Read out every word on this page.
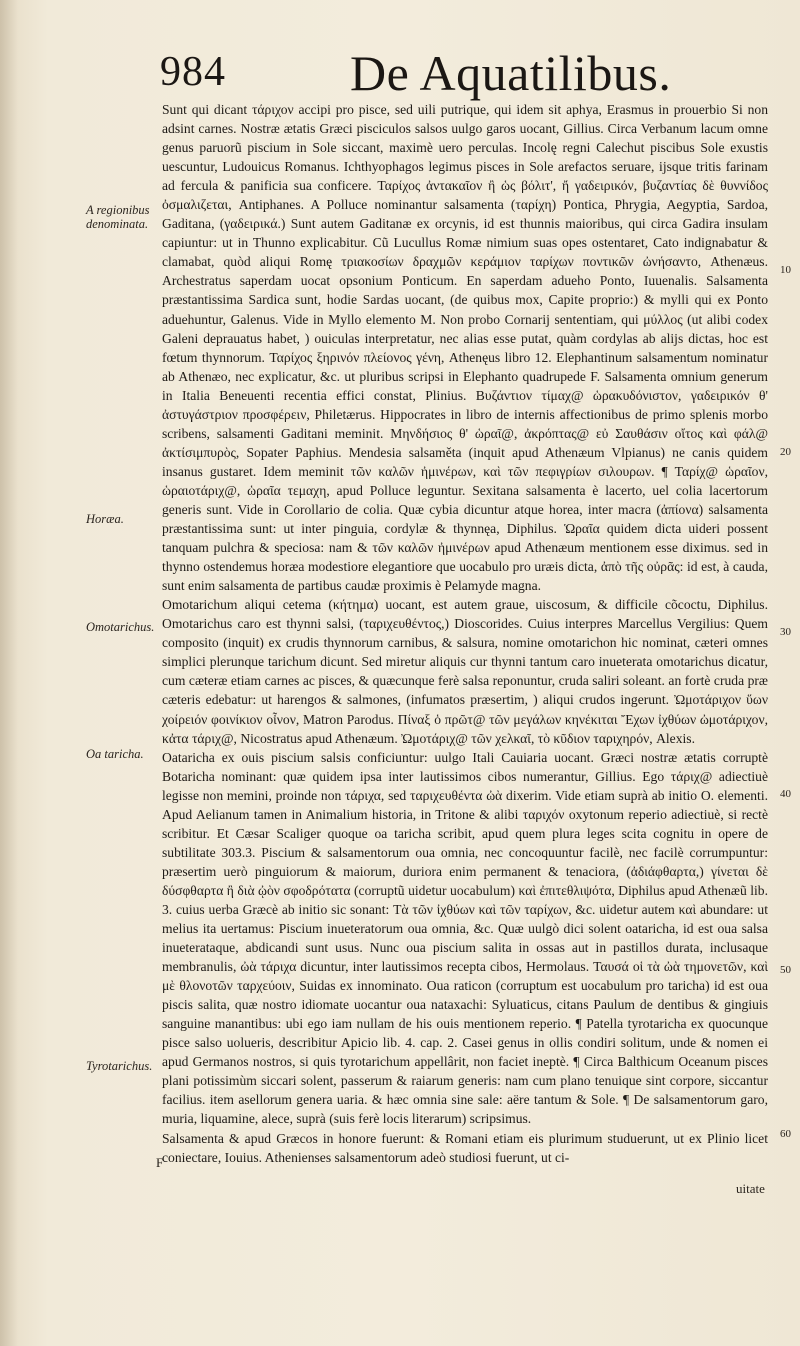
984 De Aquatilibus.
A regionibus denominata.
Horæa.
Omotarichus.
Oa taricha.
Tyrotarichus.
10
20
30
40
50
60

Sunt qui dicant τάριχον accipi pro pisce, sed uili putrique, qui idem sit aphya, Erasmus in prouerbio Si non adsint carnes. Nostræ ætatis Græci pisciculos salsos uulgo garos uocant, Gillius. Circa Verbanum lacum omne genus paruorũ piscium in Sole siccant, maximè uero perculas. Incolę regni Calechut piscibus Sole exustis uescuntur, Ludouicus Romanus. Ichthyophagos legimus pisces in Sole arefactos seruare, ijsque tritis farinam ad fercula & panificia sua conficere. Ταρίχος ἀντακαῖον ἢ ὡς βόλιτ', ἤ γαδειρικόν, βυζαντίας δὲ θυννίδος ὀσμαλιζεται, Antiphanes. A Polluce nominantur salsamenta (ταρίχη) Pontica, Phrygia, Aegyptia, Sardoa, Gaditana, (γαδειρικά.) Sunt autem Gaditanæ ex orcynis, id est thunnis maioribus, qui circa Gadira insulam capiuntur: ut in Thunno explicabitur. Cũ Lucullus Romæ nimium suas opes ostentaret, Cato indignabatur & clamabat, quòd aliqui Romę τριακοσίων δραχμῶν κεράμιον ταρίχων ποντικῶν ὠνήσαντο, Athenæus. Archestratus saperdam uocat opsonium Ponticum. En saperdam adueho Ponto, Iuuenalis. Salsamenta præstantissima Sardica sunt, hodie Sardas uocant, (de quibus mox, Capite proprio:) & mylli qui ex Ponto aduehuntur, Galenus. Vide in Myllo elemento M. Non probo Cornarij sententiam, qui μύλλος (ut alibi codex Galeni deprauatus habet, ) ouiculas interpretatur, nec alias esse putat, quàm cordylas ab alijs dictas, hoc est fœtum thynnorum. Ταρίχος ξηρινόν πλείονος γένη, Athenęus libro 12. Elephantinum salsamentum nominatur ab Athenæo, nec explicatur, &c. ut pluribus scripsi in Elephanto quadrupede F. Salsamenta omnium generum in Italia Beneuenti recentia effici constat, Plinius. Βυζάντιον τίμαχ@ ὡρακυδόνιστον, γαδειρικόν θ' ἀστυγάστριον προσφέρειν, Philetærus. Hippocrates in libro de internis affectionibus de primo splenis morbo scribens, salsamenti Gaditani meminit. Μηνδήσιος θ' ὡραῖ@, ἀκρόπτας@ εὐ Σαυθάσιν οἴτος καὶ φάλ@ ἀκτίσιμπυρὸς, Sopater Paphius. Mendesia salsaměta (inquit apud Athenæum Vlpianus) ne canis quidem insanus gustaret. Idem meminit τῶν καλῶν ἠμινέρων, καὶ τῶν πεφιγρίων σιλουρων. ¶ Ταρίχ@ ὡραῖον, ὡραιοτάριχ@, ὡραῖα τεμαχη, apud Polluce leguntur. Sexitana salsamenta è lacerto, uel colia lacertorum generis sunt. Vide in Corollario de colia. Quæ cybia dicuntur atque horea, inter macra (ἀπίονα) salsamenta præstantissima sunt: ut inter pinguia, cordylæ & thynnęa, Diphilus. Ὡραῖα quidem dicta uideri possent tanquam pulchra & speciosa: nam & τῶν καλῶν ἠμινέρων apud Athenæum mentionem esse diximus. sed in thynno ostendemus horæa modestiore elegantiore que uocabulo pro uræis dicta, ἀπὸ τῆς οὐρᾶς: id est, à cauda, sunt enim salsamenta de partibus caudæ proximis è Pelamyde magna.

Omotarichum aliqui cetema (κήτημα) uocant, est autem graue, uiscosum, & difficile cõcoctu, Diphilus. Omotarichus caro est thynni salsi, (ταριχευθέντος,) Dioscorides. Cuius interpres Marcellus Vergilius: Quem composito (inquit) ex crudis thynnorum carnibus, & salsura, nomine omotarichon hic nominat, cæteri omnes simplici plerunque tarichum dicunt. Sed miretur aliquis cur thynni tantum caro inueterata omotarichus dicatur, cum cæteræ etiam carnes ac pisces, & quæcunque ferè salsa reponuntur, cruda saliri soleant. an fortè cruda præ cæteris edebatur: ut harengos & salmones, (infumatos præsertim, ) aliqui crudos ingerunt. Ὠμοτάριχον ὕων χοίρειόν φοινίκιον οἶνον, Matron Parodus. Πίναξ ὁ πρῶτ@ τῶν μεγάλων κηνέκιται Ἔχων ἰχθύων ὠμοτάριχον, κἀτα τάριχ@, Nicostratus apud Athenæum. Ὠμοτάριχ@ τῶν χελκαῖ, τὸ κῦδιον ταριχηρόν, Alexis.

Oataricha ex ouis piscium salsis conficiuntur: uulgo Itali Cauiaria uocant. Græci nostræ ætatis corruptè Botaricha nominant: quæ quidem ipsa inter lautissimos cibos numerantur, Gillius. Ego τάριχ@ adiectiuè legisse non memini, proinde non τάριχα, sed ταριχευθέντα ὠὰ dixerim. Vide etiam suprà ab initio O. elementi. Apud Aelianum tamen in Animalium historia, in Tritone & alibi ταριχόν oxytonum reperio adiectiuè, si rectè scribitur. Et Cæsar Scaliger quoque oa taricha scribit, apud quem plura leges scita cognitu in opere de subtilitate 303.3. Piscium & salsamentorum oua omnia, nec concoquuntur facilè, nec facilè corrumpuntur: præsertim uerò pinguiorum & maiorum, duriora enim permanent & tenaciora, (ἀδιάφθαρτα,) γίνεται δὲ δύσφθαρτα ἢ διὰ ᾠὸν σφοδρότατα (corruptũ uidetur uocabulum) καὶ ἐπιτεθλιψότα, Diphilus apud Athenæũ lib. 3. cuius uerba Græcè ab initio sic sonant: Τὰ τῶν ἰχθύων καὶ τῶν ταρίχων, &c. uidetur autem καὶ abundare: ut melius ita uertamus: Piscium inueteratorum oua omnia, &c. Quæ uulgò dici solent oataricha, id est oua salsa inueterataque, abdicandi sunt usus. Nunc oua piscium salita in ossas aut in pastillos durata, inclusaque membranulis, ὠὰ τάριχα dicuntur, inter lautissimos recepta cibos, Hermolaus. Ταυσά οἱ τὰ ὠὰ τημονετῶν, καὶ μὲ θλονοτῶν ταρχεύοιν, Suidas ex innominato. Oua raticon (corruptum est uocabulum pro taricha) id est oua piscis salita, quæ nostro idiomate uocantur oua nataxachi: Syluaticus, citans Paulum de dentibus & gingiuis sanguine manantibus: ubi ego iam nullam de his ouis mentionem reperio. ¶ Patella tyrotaricha ex quocunque pisce salso uolueris, describitur Apicio lib. 4. cap. 2. Casei genus in ollis condiri solitum, unde & nomen ei apud Germanos nostros, si quis tyrotarichum appellârit, non faciet ineptè. ¶ Circa Balthicum Oceanum pisces plani potissimùm siccari solent, passerum & raiarum generis: nam cum plano tenuique sint corpore, siccantur facilius. item asellorum genera uaria. & hæc omnia sine sale: aëre tantum & Sole. ¶ De salsamentorum garo, muria, liquamine, alece, suprà (suis ferè locis literarum) scripsimus.

Salsamenta & apud Græcos in honore fuerunt: & Romani etiam eis plurimum studuerunt, ut ex Plinio licet coniectare, Iouius. Athenienses salsamentorum adeò studiosi fuerunt, ut ci-

F
uitate
